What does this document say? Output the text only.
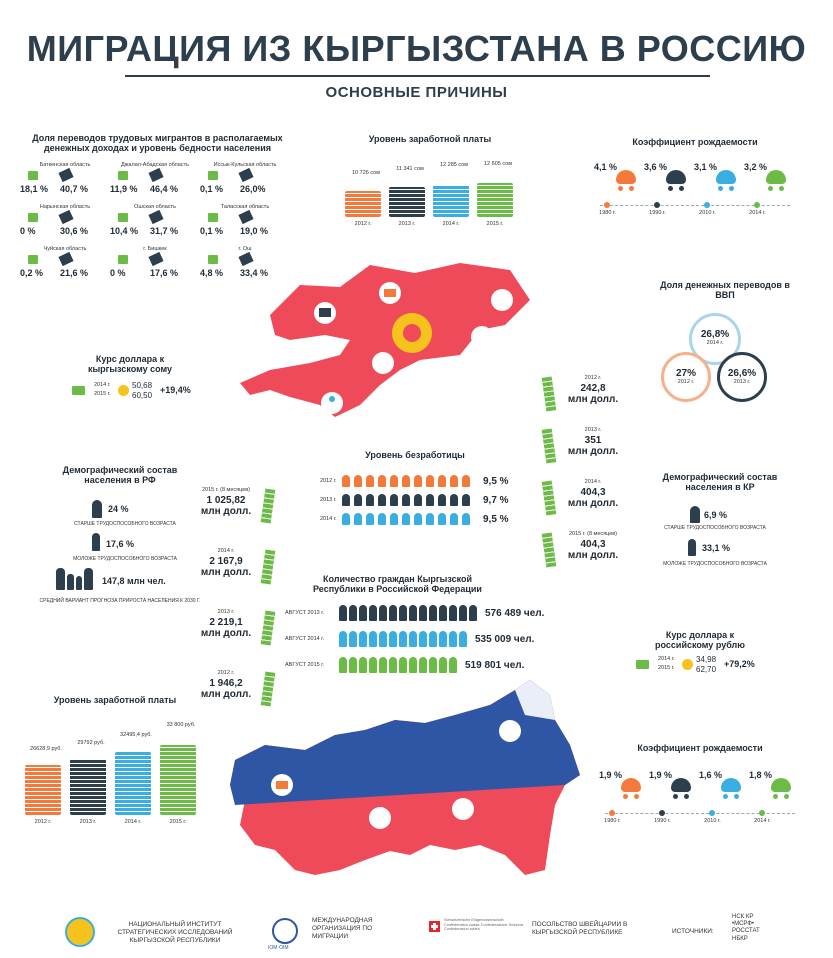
МИГРАЦИЯ ИЗ КЫРГЫЗСТАНА В РОССИЮ
ОСНОВНЫЕ ПРИЧИНЫ
Доля переводов трудовых мигрантов в располагаемых денежных доходах и уровень бедности населения
Баткенская область
18,1 % 40,7 %
Джалал-Абадская область
11,9 % 46,4 %
Иссык-Кульская область
0,1 % 26,0%
Нарынская область
0 %	30,6 %
Ошская область
10,4 % 31,7 %
Таласская область
0,1 % 19,0 %
Чуйская область
0,2 % 21,6 %
г. Бишкек
0 %	17,6 %
г. Ош
4,8 % 33,4 %
Уровень заработной платы
10 726 сом
2012 г.
11 341 сом
2013 г.
12 285 сом
2014 г.
12 605 сом
2015 г.
Коэффициент рождаемости
4,1 %
1980 г.
3,6 %
1990 г.
3,1 %
2010 г.
3,2 %
2014 г.
Доля денежных переводов в ВВП
26,8%
2014 г.
27%
2012 г.
26,6%
2013 г.
Курс доллара к кыргызскому сому
2014 г.
2015 г.
50,68
60,50
+19,4%
2012 г.
242,8
млн долл.
2013 г.
351
млн долл.
2014 г.
404,3
млн долл.
2015 г. (8 месяцев)
404,3
млн долл.
Уровень безработицы
2012 г.	9,5 %
2013 г.	9,7 %
2014 г.	9,5 %
Демографический состав населения в РФ
24 %
СТАРШЕ ТРУДОСПОСОБНОГО ВОЗРАСТА
17,6 %
МОЛОЖЕ ТРУДОСПОСОБНОГО ВОЗРАСТА
147,8 млн чел.
СРЕДНИЙ ВАРИАНТ ПРОГНОЗА ПРИРОСТА НАСЕЛЕНИЯ К 2030 Г.
2015 г. (8 месяцев)
1 025,82
млн долл.
2014 г.
2 167,9
млн долл.
2013 г.
2 219,1
млн долл.
2012 г.
1 946,2
млн долл.
Демографический состав населения в КР
6,9 %
СТАРШЕ ТРУДОСПОСОБНОГО ВОЗРАСТА
33,1 %
МОЛОЖЕ ТРУДОСПОСОБНОГО ВОЗРАСТА
Количество граждан Кыргызской Республики в Российской Федерации
АВГУСТ 2013 г.	576 489 чел.
АВГУСТ 2014 г.	535 009 чел.
АВГУСТ 2015 г.	519 801 чел.
Курс доллара к российскому рублю
2014 г.
2015 г.
34,98
62,70
+79,2%
Уровень заработной платы
26628,9 руб.
2012 г.
29792 руб.
2013 г.
32495,4 руб.
2014 г.
33 800 руб.
2015 г.
Коэффициент рождаемости
1,9 %
1980 г.
1,9 %
1990 г.
1,6 %
2010 г.
1,8 %
2014 г.
НАЦИОНАЛЬНЫЙ ИНСТИТУТ СТРАТЕГИЧЕСКИХ ИССЛЕДОВАНИЙ КЫРГЫЗСКОЙ РЕСПУБЛИКИ
IOM·OIM
МЕЖДУНАРОДНАЯ ОРГАНИЗАЦИЯ ПО МИГРАЦИИ
Schweizerische Eidgenossenschaft Confédération suisse Confederazione Svizzera Confederaziun svizra
ПОСОЛЬСТВО ШВЕЙЦАРИИ В КЫРГЫЗСКОЙ РЕСПУБЛИКЕ	ИСТОЧНИКИ:
НСК КР •МСРФ• РОССТАТ НБКР
